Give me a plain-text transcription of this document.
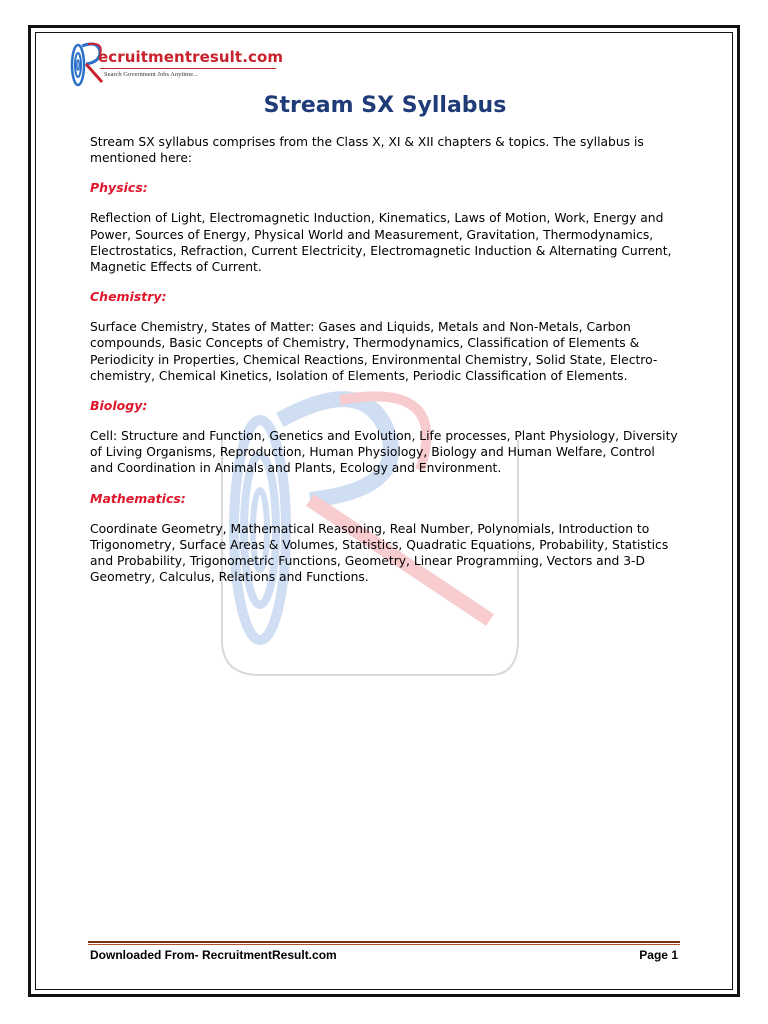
ecruitmentresult.com
Search Government Jobs Anytime...
Stream SX Syllabus

Stream SX syllabus comprises from the Class X, XI & XII chapters & topics. The syllabus is mentioned here:

Physics:

Reflection of Light, Electromagnetic Induction, Kinematics, Laws of Motion, Work, Energy and Power, Sources of Energy, Physical World and Measurement, Gravitation, Thermodynamics, Electrostatics, Refraction, Current Electricity, Electromagnetic Induction & Alternating Current, Magnetic Effects of Current.

Chemistry:

Surface Chemistry, States of Matter: Gases and Liquids, Metals and Non-Metals, Carbon compounds, Basic Concepts of Chemistry, Thermodynamics, Classification of Elements & Periodicity in Properties, Chemical Reactions, Environmental Chemistry, Solid State, Electro-chemistry, Chemical Kinetics, Isolation of Elements, Periodic Classification of Elements.

Biology:

Cell: Structure and Function, Genetics and Evolution, Life processes, Plant Physiology, Diversity of Living Organisms, Reproduction, Human Physiology, Biology and Human Welfare, Control and Coordination in Animals and Plants, Ecology and Environment.

Mathematics:

Coordinate Geometry, Mathematical Reasoning, Real Number, Polynomials, Introduction to Trigonometry, Surface Areas & Volumes, Statistics, Quadratic Equations, Probability, Statistics and Probability, Trigonometric Functions, Geometry, Linear Programming, Vectors and 3-D Geometry, Calculus, Relations and Functions.

Downloaded From- RecruitmentResult.com	Page 1
